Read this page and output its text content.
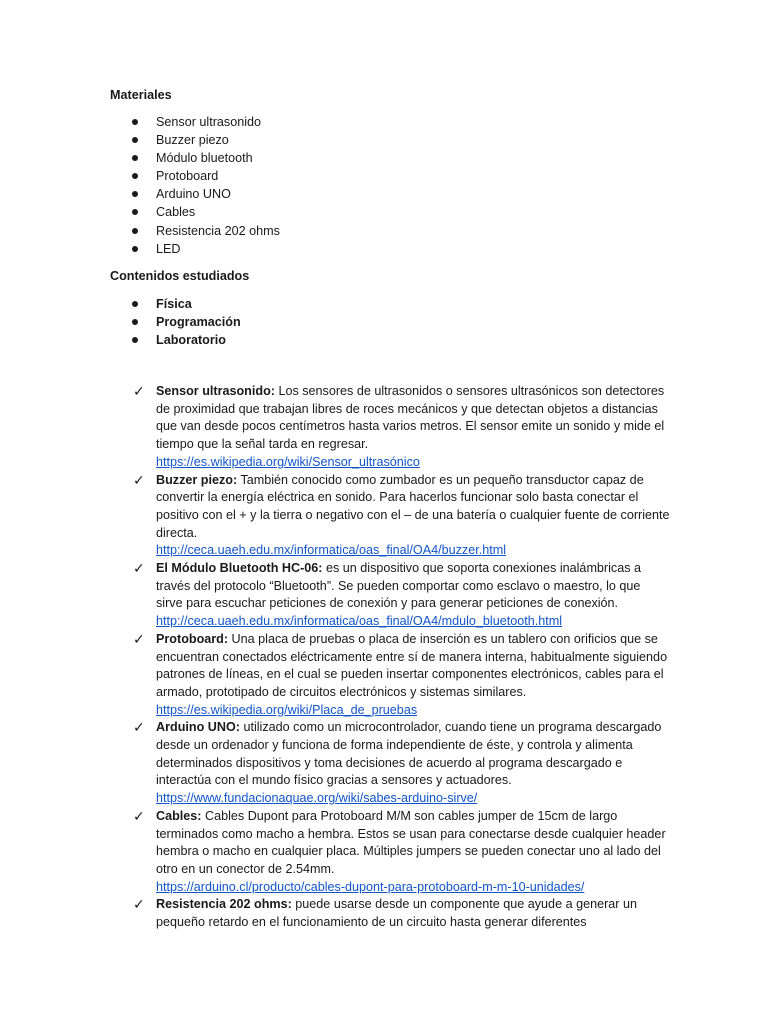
Materiales
Sensor ultrasonido
Buzzer piezo
Módulo bluetooth
Protoboard
Arduino UNO
Cables
Resistencia 202 ohms
LED
Contenidos estudiados
Física
Programación
Laboratorio
✓ Sensor ultrasonido: Los sensores de ultrasonidos o sensores ultrasónicos son detectores de proximidad que trabajan libres de roces mecánicos y que detectan objetos a distancias que van desde pocos centímetros hasta varios metros. El sensor emite un sonido y mide el tiempo que la señal tarda en regresar.
https://es.wikipedia.org/wiki/Sensor_ultrasónico
✓ Buzzer piezo: También conocido como zumbador es un pequeño transductor capaz de convertir la energía eléctrica en sonido. Para hacerlos funcionar solo basta conectar el positivo con el + y la tierra o negativo con el – de una batería o cualquier fuente de corriente directa.
http://ceca.uaeh.edu.mx/informatica/oas_final/OA4/buzzer.html
✓ El Módulo Bluetooth HC-06: es un dispositivo que soporta conexiones inalámbricas a través del protocolo “Bluetooth”. Se pueden comportar como esclavo o maestro, lo que sirve para escuchar peticiones de conexión y para generar peticiones de conexión.
http://ceca.uaeh.edu.mx/informatica/oas_final/OA4/mdulo_bluetooth.html
✓ Protoboard: Una placa de pruebas o placa de inserción es un tablero con orificios que se encuentran conectados eléctricamente entre sí de manera interna, habitualmente siguiendo patrones de líneas, en el cual se pueden insertar componentes electrónicos, cables para el armado, prototipado de circuitos electrónicos y sistemas similares.
https://es.wikipedia.org/wiki/Placa_de_pruebas
✓ Arduino UNO: utilizado como un microcontrolador, cuando tiene un programa descargado desde un ordenador y funciona de forma independiente de éste, y controla y alimenta determinados dispositivos y toma decisiones de acuerdo al programa descargado e interactúa con el mundo físico gracias a sensores y actuadores.
https://www.fundacionaquae.org/wiki/sabes-arduino-sirve/
✓ Cables: Cables Dupont para Protoboard M/M son cables jumper de 15cm de largo terminados como macho a hembra. Estos se usan para conectarse desde cualquier header hembra o macho en cualquier placa. Múltiples jumpers se pueden conectar uno al lado del otro en un conector de 2.54mm.
https://arduino.cl/producto/cables-dupont-para-protoboard-m-m-10-unidades/
✓ Resistencia 202 ohms: puede usarse desde un componente que ayude a generar un pequeño retardo en el funcionamiento de un circuito hasta generar diferentes
